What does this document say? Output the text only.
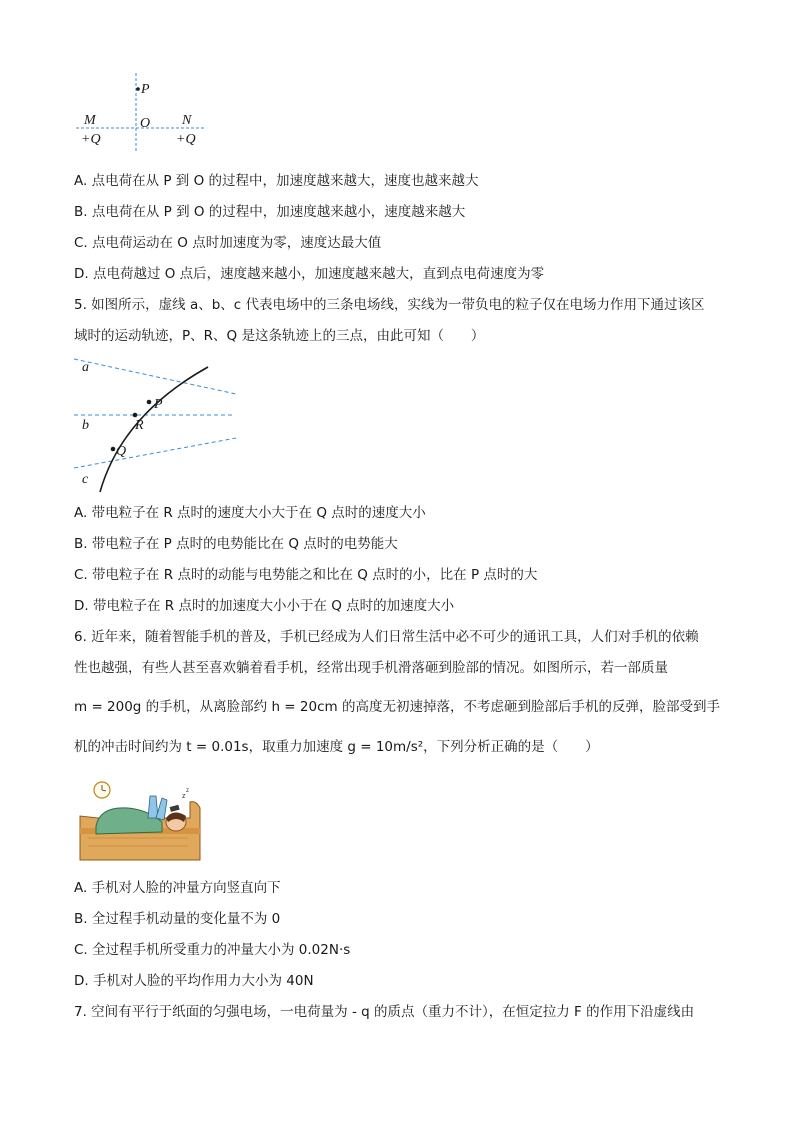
P
O
M	N
+Q	+Q
A. 点电荷在从 P 到 O 的过程中，加速度越来越大，速度也越来越大
B. 点电荷在从 P 到 O 的过程中，加速度越来越小，速度越来越大
C. 点电荷运动在 O 点时加速度为零，速度达最大值
D. 点电荷越过 O 点后，速度越来越小，加速度越来越大，直到点电荷速度为零
5. 如图所示，虚线 a、b、c 代表电场中的三条电场线，实线为一带负电的粒子仅在电场力作用下通过该区
域时的运动轨迹，P、R、Q 是这条轨迹上的三点，由此可知（　　）
a
b
c
P
R
Q
A. 带电粒子在 R 点时的速度大小大于在 Q 点时的速度大小
B. 带电粒子在 P 点时的电势能比在 Q 点时的电势能大
C. 带电粒子在 R 点时的动能与电势能之和比在 Q 点时的小，比在 P 点时的大
D. 带电粒子在 R 点时的加速度大小小于在 Q 点时的加速度大小
6. 近年来，随着智能手机的普及，手机已经成为人们日常生活中必不可少的通讯工具，人们对手机的依赖
性也越强，有些人甚至喜欢躺着看手机，经常出现手机滑落砸到脸部的情况。如图所示，若一部质量
m = 200g 的手机，从离脸部约 h = 20cm 的高度无初速掉落，不考虑砸到脸部后手机的反弹，脸部受到手
机的冲击时间约为 t = 0.01s，取重力加速度 g = 10m/s²，下列分析正确的是（　　）
z
z
A. 手机对人脸的冲量方向竖直向下
B. 全过程手机动量的变化量不为 0
C. 全过程手机所受重力的冲量大小为 0.02N·s
D. 手机对人脸的平均作用力大小为 40N
7. 空间有平行于纸面的匀强电场，一电荷量为 - q 的质点（重力不计），在恒定拉力 F 的作用下沿虚线由
